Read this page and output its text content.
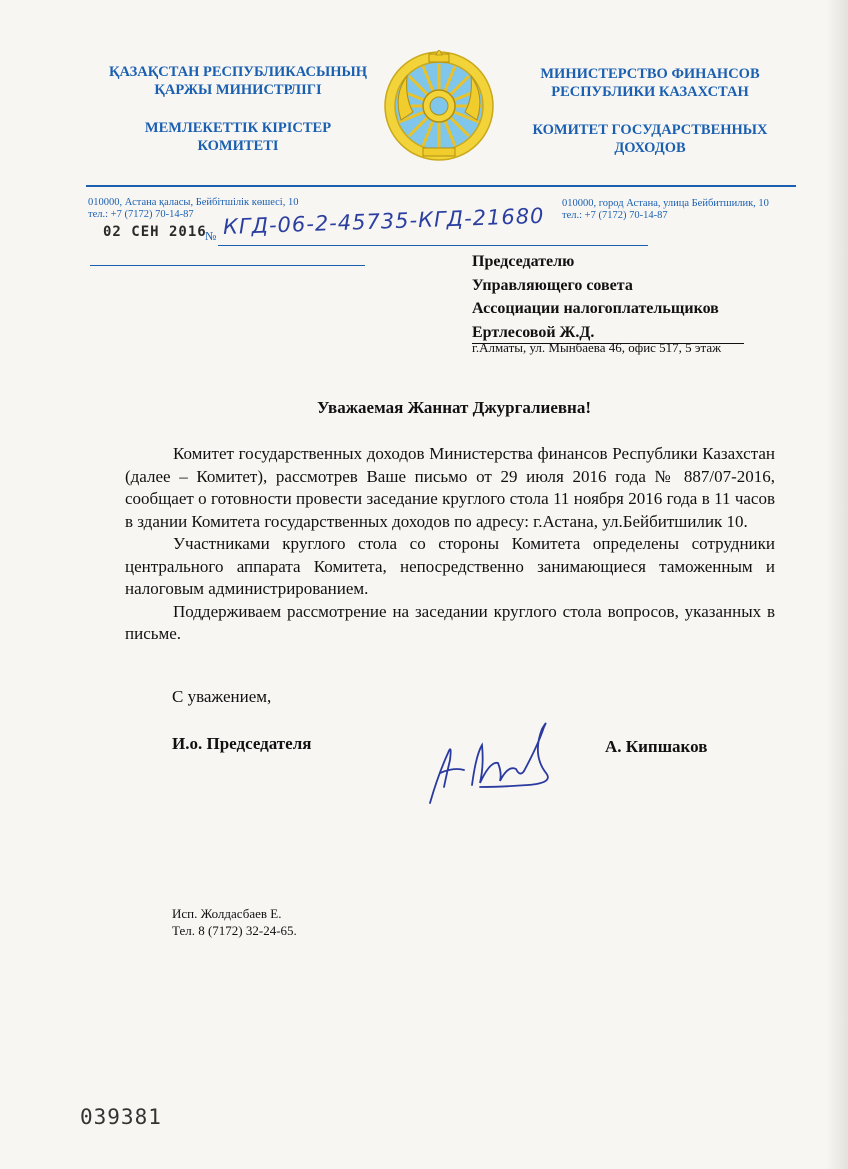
ҚАЗАҚСТАН РЕСПУБЛИКАСЫНЫҢ
ҚАРЖЫ МИНИСТРЛІГІ
МЕМЛЕКЕТТІК КІРІСТЕР
КОМИТЕТІ
МИНИСТЕРСТВО ФИНАНСОВ
РЕСПУБЛИКИ КАЗАХСТАН
КОМИТЕТ ГОСУДАРСТВЕННЫХ
ДОХОДОВ
010000, Астана қаласы, Бейбітшілік көшесі, 10
тел.: +7 (7172) 70-14-87
010000, город Астана, улица Бейбитшилик, 10
тел.: +7 (7172) 70-14-87
02 СЕН 2016
№ КГД-06-2-45735-КГД-21680
Председателю
Управляющего совета
Ассоциации налогоплательщиков
Ертлесовой Ж.Д.
г.Алматы, ул. Мынбаева 46, офис 517, 5 этаж
Уважаемая Жаннат Джургалиевна!

Комитет государственных доходов Министерства финансов Республики Казахстан (далее – Комитет), рассмотрев Ваше письмо от 29 июля 2016 года № 887/07-2016, сообщает о готовности провести заседание круглого стола 11 ноября 2016 года в 11 часов в здании Комитета государственных доходов по адресу: г.Астана, ул.Бейбитшилик 10.

Участниками круглого стола со стороны Комитета определены сотрудники центрального аппарата Комитета, непосредственно занимающиеся таможенным и налоговым администрированием.

Поддерживаем рассмотрение на заседании круглого стола вопросов, указанных в письме.

С уважением,
И.о. Председателя	А. Кипшаков
Исп. Жолдасбаев Е.
Тел. 8 (7172) 32-24-65.
039381
